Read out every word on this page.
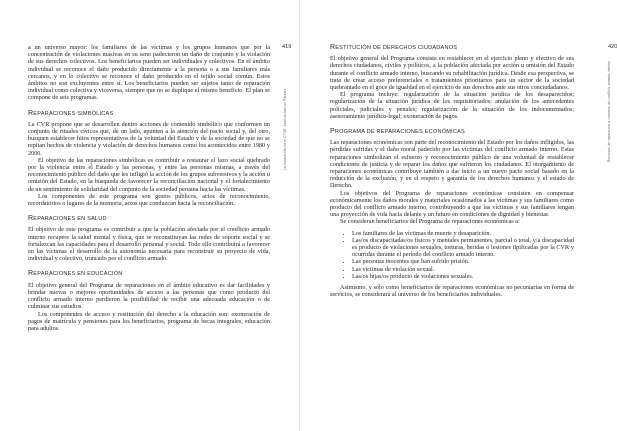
a un universo mayor: los familiares de las víctimas y los grupos humanos que por la concentración de violaciones masivas en su seno padecieron un daño de conjunto y la violación de sus derechos colectivos. Los beneficiarios pueden ser individuales y colectivos. En el ámbito individual se reconoce el daño producido directamente a la persona o a sus familiares más cercanos, y en lo colectivo se reconoce el daño producido en el tejido social común. Estos ámbitos no son excluyentes entre sí. Los beneficiarios pueden ser sujetos tanto de reparación individual como colectiva y viceversa, siempre que no se duplique el mismo beneficio. El plan se compone de seis programas.

REPARACIONES SIMBÓLICAS

La CVR propone que se desarrollen dentro acciones de contenido simbólico que conformen un conjunto de rituales cívicos que, de un lado, apunten a la atención del pacto social y, del otro, busquen establecer hitos representativos de la voluntad del Estado y de la sociedad de que no se repitan hechos de violencia y violación de derechos humanos como los acontecidos entre 1980 y 2000.

El objetivo de las reparaciones simbólicas es contribuir a restaurar el lazo social quebrado por la violencia entre el Estado y las personas, y entre las personas mismas, a través del reconocimiento público del daño que les infligió la acción de los grupos subversivos y la acción u omisión del Estado, en la búsqueda de favorecer la reconciliación nacional y el fortalecimiento de un sentimiento de solidaridad del conjunto de la sociedad peruana hacia las víctimas.

Los componentes de este programa son gestos públicos, actos de reconocimiento, recordatorios o lugares de la memoria, actos que conduzcan hacia la reconciliación.

REPARACIONES EN SALUD

El objetivo de este programa es contribuir a que la población afectada por el conflicto armado interno recupere la salud mental y física, que se reconstituyan las redes de soporte social y se fortalezcan las capacidades para el desarrollo personal y social. Todo ello contribuirá a favorecer en las víctimas el desarrollo de la autonomía necesaria para reconstruir su proyecto de vida, individual y colectivo, truncado por el conflicto armado.

REPARACIONES EN EDUCACIÓN

El objetivo general del Programa de reparaciones en el ámbito educativo es dar facilidades y brindar nuevas o mejores oportunidades de acceso a las personas que como producto del conflicto armado interno perdieron la posibilidad de recibir una adecuada educación o de culminar sus estudios.

Los componentes de acceso y restitución del derecho a la educación son: exoneración de pagos de matrícula y pensiones para los beneficiarios, programa de becas integrales, educación para adultos.

419
La reparación en el CTVE: Justicia Ant-los Paraiso
420
Recursos de reparación a contexto de conflicto armado interno
RESTITUCIÓN DE DERECHOS CIUDADANOS

El objetivo general del Programa consiste en restablecer en el ejercicio pleno y efectivo de sus derechos ciudadanos, civiles y políticos, a la población afectada por acción u omisión del Estado durante el conflicto armado interno, buscando su rehabilitación jurídica. Desde esa perspectiva, se trata de crear acceso preferenciales o tratamientos prioritarios para un sector de la sociedad quebrantado en el goce de igualdad en el ejercicio de sus derechos ante sus otros conciudadanos.

El programa incluye: regularización de la situación jurídica de los desaparecidos; regularización de la situación jurídica de los requisitoriados; anulación de los antecedentes policiales, judiciales y penales; regularización de la situación de los indocumentados; asesoramiento jurídico-legal; exoneración de pagos.

PROGRAMA DE REPARACIONES ECONÓMICAS

Las reparaciones económicas son parte del reconocimiento del Estado por los daños infligidos, las pérdidas sufridas y el daño moral padecido por las víctimas del conflicto armado interno. Estas reparaciones simbolizan el esfuerzo y reconocimiento público de una voluntad de restablecer condiciones de justicia y de reparar los daños que sufrieron los ciudadanos. El otorgamiento de reparaciones económicas contribuye también a dar inicio a un nuevo pacto social basado en la reducción de la exclusión, y en el respeto y garantía de los derechos humanos y el estado de Derecho.

Los objetivos del Programa de reparaciones económicas consisten en compensar económicamente los daños morales y materiales ocasionados a las víctimas y sus familiares como producto del conflicto armado interno, contribuyendo a que las víctimas y sus familiares tengan una proyección de vida hacia delante y un futuro en condiciones de dignidad y bienestar.

Se consideran beneficiarios del Programa de reparaciones económicas a:

• Los familiares de las víctimas de muerte y desaparición.
• Las/os discapacitadas/os físicos y mentales permanentes, parcial o total, y/a discapacidad es producto de violaciones sexuales, torturas, heridas o lesiones tipificadas por la CVR y ocurridas durante el período del conflicto armado interno.
• Las personas inocentes que han sufrido prisión.
• Las víctimas de violación sexual.
• Las/os hijas/os producto de violaciones sexuales.

Asimismo, y sólo como beneficiarios de reparaciones económicas no pecuniarias en forma de servicios, se considerará al universo de los beneficiarios individuales.
